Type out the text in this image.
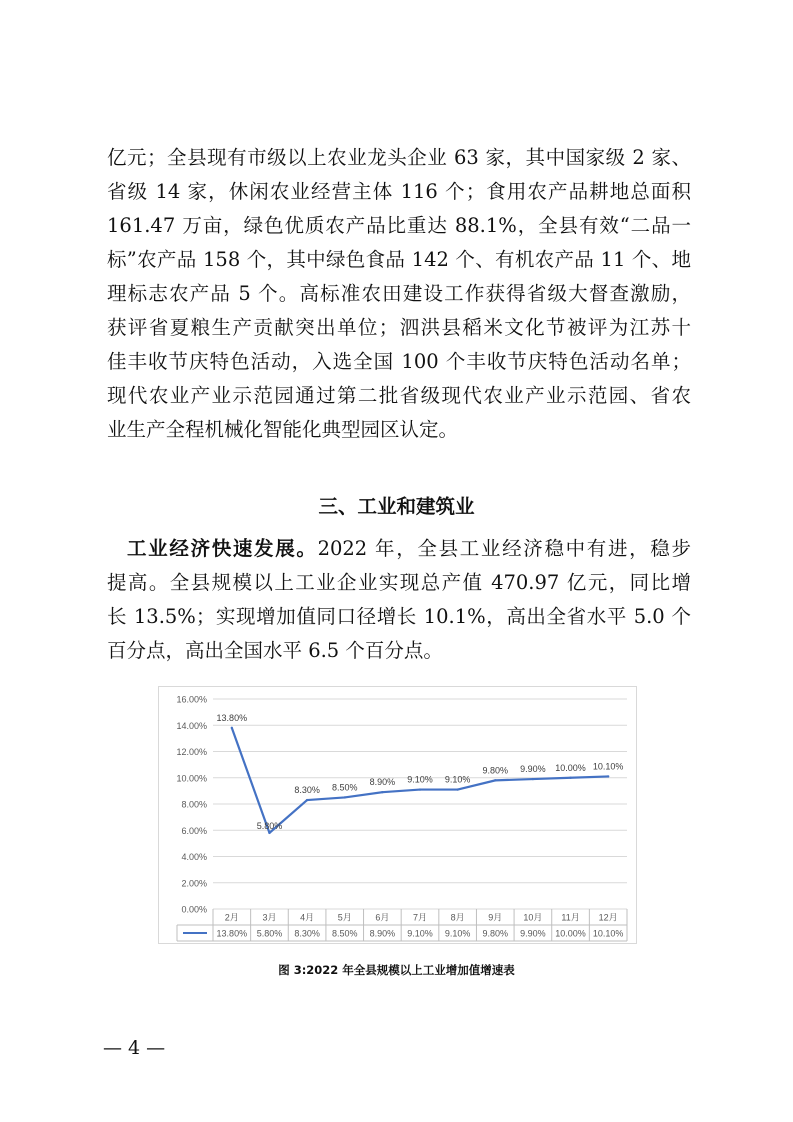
亿元；全县现有市级以上农业龙头企业 63 家，其中国家级 2 家、
省级 14 家，休闲农业经营主体 116 个；食用农产品耕地总面积
161.47 万亩，绿色优质农产品比重达 88.1%，全县有效“二品一
标”农产品 158 个，其中绿色食品 142 个、有机农产品 11 个、地
理标志农产品 5 个。高标准农田建设工作获得省级大督查激励，
获评省夏粮生产贡献突出单位；泗洪县稻米文化节被评为江苏十
佳丰收节庆特色活动，入选全国 100 个丰收节庆特色活动名单；
现代农业产业示范园通过第二批省级现代农业产业示范园、省农
业生产全程机械化智能化典型园区认定。
三、工业和建筑业
工业经济快速发展。2022 年，全县工业经济稳中有进，稳步
提高。全县规模以上工业企业实现总产值 470.97 亿元，同比增
长 13.5%；实现增加值同口径增长 10.1%，高出全省水平 5.0 个
百分点，高出全国水平 6.5 个百分点。
0.00%
2.00%
4.00%
6.00%
8.00%
10.00%
12.00%
14.00%
16.00%
2月
13.80%
3月
5.80%
4月
8.30%
5月
8.50%
6月
8.90%
7月
9.10%
8月
9.10%
9月
9.80%
10月
9.90%
11月
10.00%
12月
10.10%
13.80%
5.80%
8.30% 8.50%
8.90% 9.10% 9.10%
9.80% 9.90% 10.00% 10.10%
图 3:2022 年全县规模以上工业增加值增速表
— 4 —
